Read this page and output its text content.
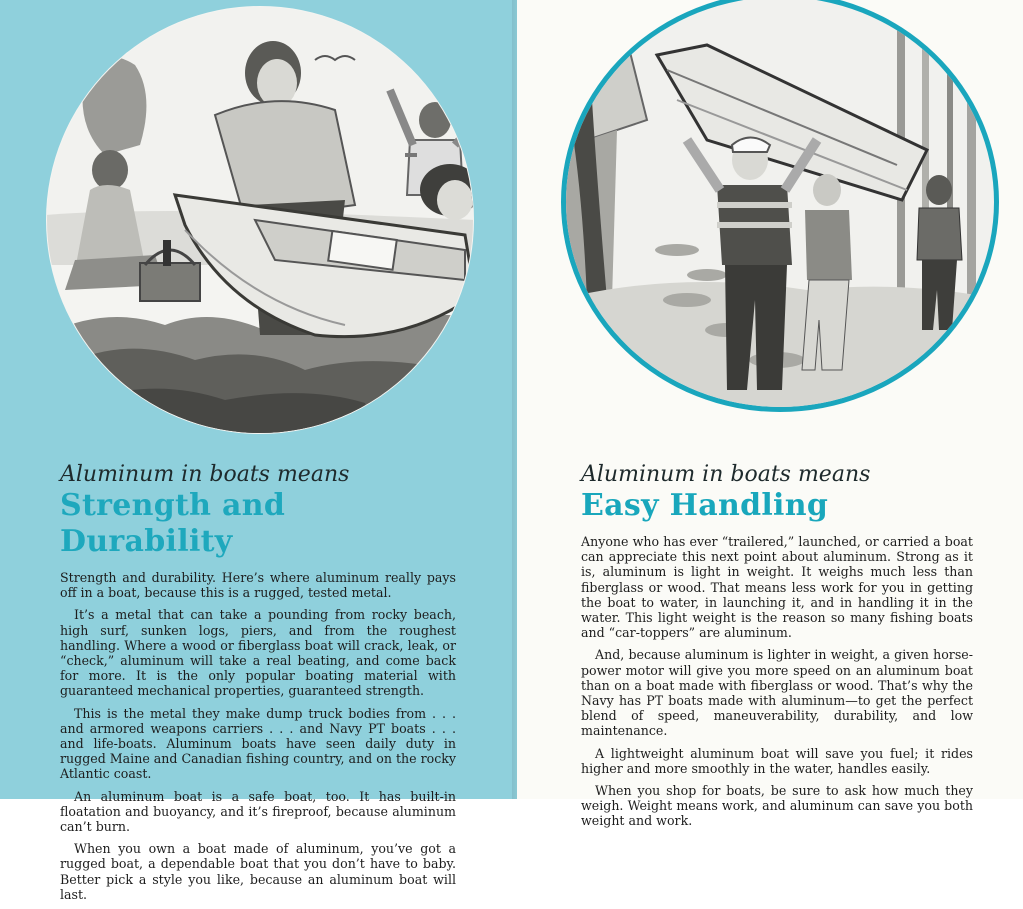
Aluminum in boats means

Strength and Durability

Strength and durability. Here’s where aluminum really pays off in a boat, because this is a rugged, tested metal.

It’s a metal that can take a pounding from rocky beach, high surf, sunken logs, piers, and from the roughest handling. Where a wood or fiberglass boat will crack, leak, or “check,” aluminum will take a real beating, and come back for more. It is the only popular boating material with guaranteed mechanical properties, guaranteed strength.

This is the metal they make dump truck bodies from . . . and armored weapons carriers . . . and Navy PT boats . . . and life-boats. Aluminum boats have seen daily duty in rugged Maine and Canadian fishing country, and on the rocky Atlantic coast.

An aluminum boat is a safe boat, too. It has built-in floatation and buoyancy, and it’s fireproof, because aluminum can’t burn.

When you own a boat made of aluminum, you’ve got a rugged boat, a dependable boat that you don’t have to baby. Better pick a style you like, because an aluminum boat will last.

Aluminum in boats means

Easy Handling

Anyone who has ever “trailered,” launched, or carried a boat can appreciate this next point about aluminum. Strong as it is, aluminum is light in weight. It weighs much less than fiberglass or wood. That means less work for you in getting the boat to water, in launching it, and in handling it in the water. This light weight is the reason so many fishing boats and “car-toppers” are aluminum.

And, because aluminum is lighter in weight, a given horse-power motor will give you more speed on an aluminum boat than on a boat made with fiberglass or wood. That’s why the Navy has PT boats made with aluminum—to get the perfect blend of speed, maneuverability, durability, and low maintenance.

A lightweight aluminum boat will save you fuel; it rides higher and more smoothly in the water, handles easily.

When you shop for boats, be sure to ask how much they weigh. Weight means work, and aluminum can save you both weight and work.
